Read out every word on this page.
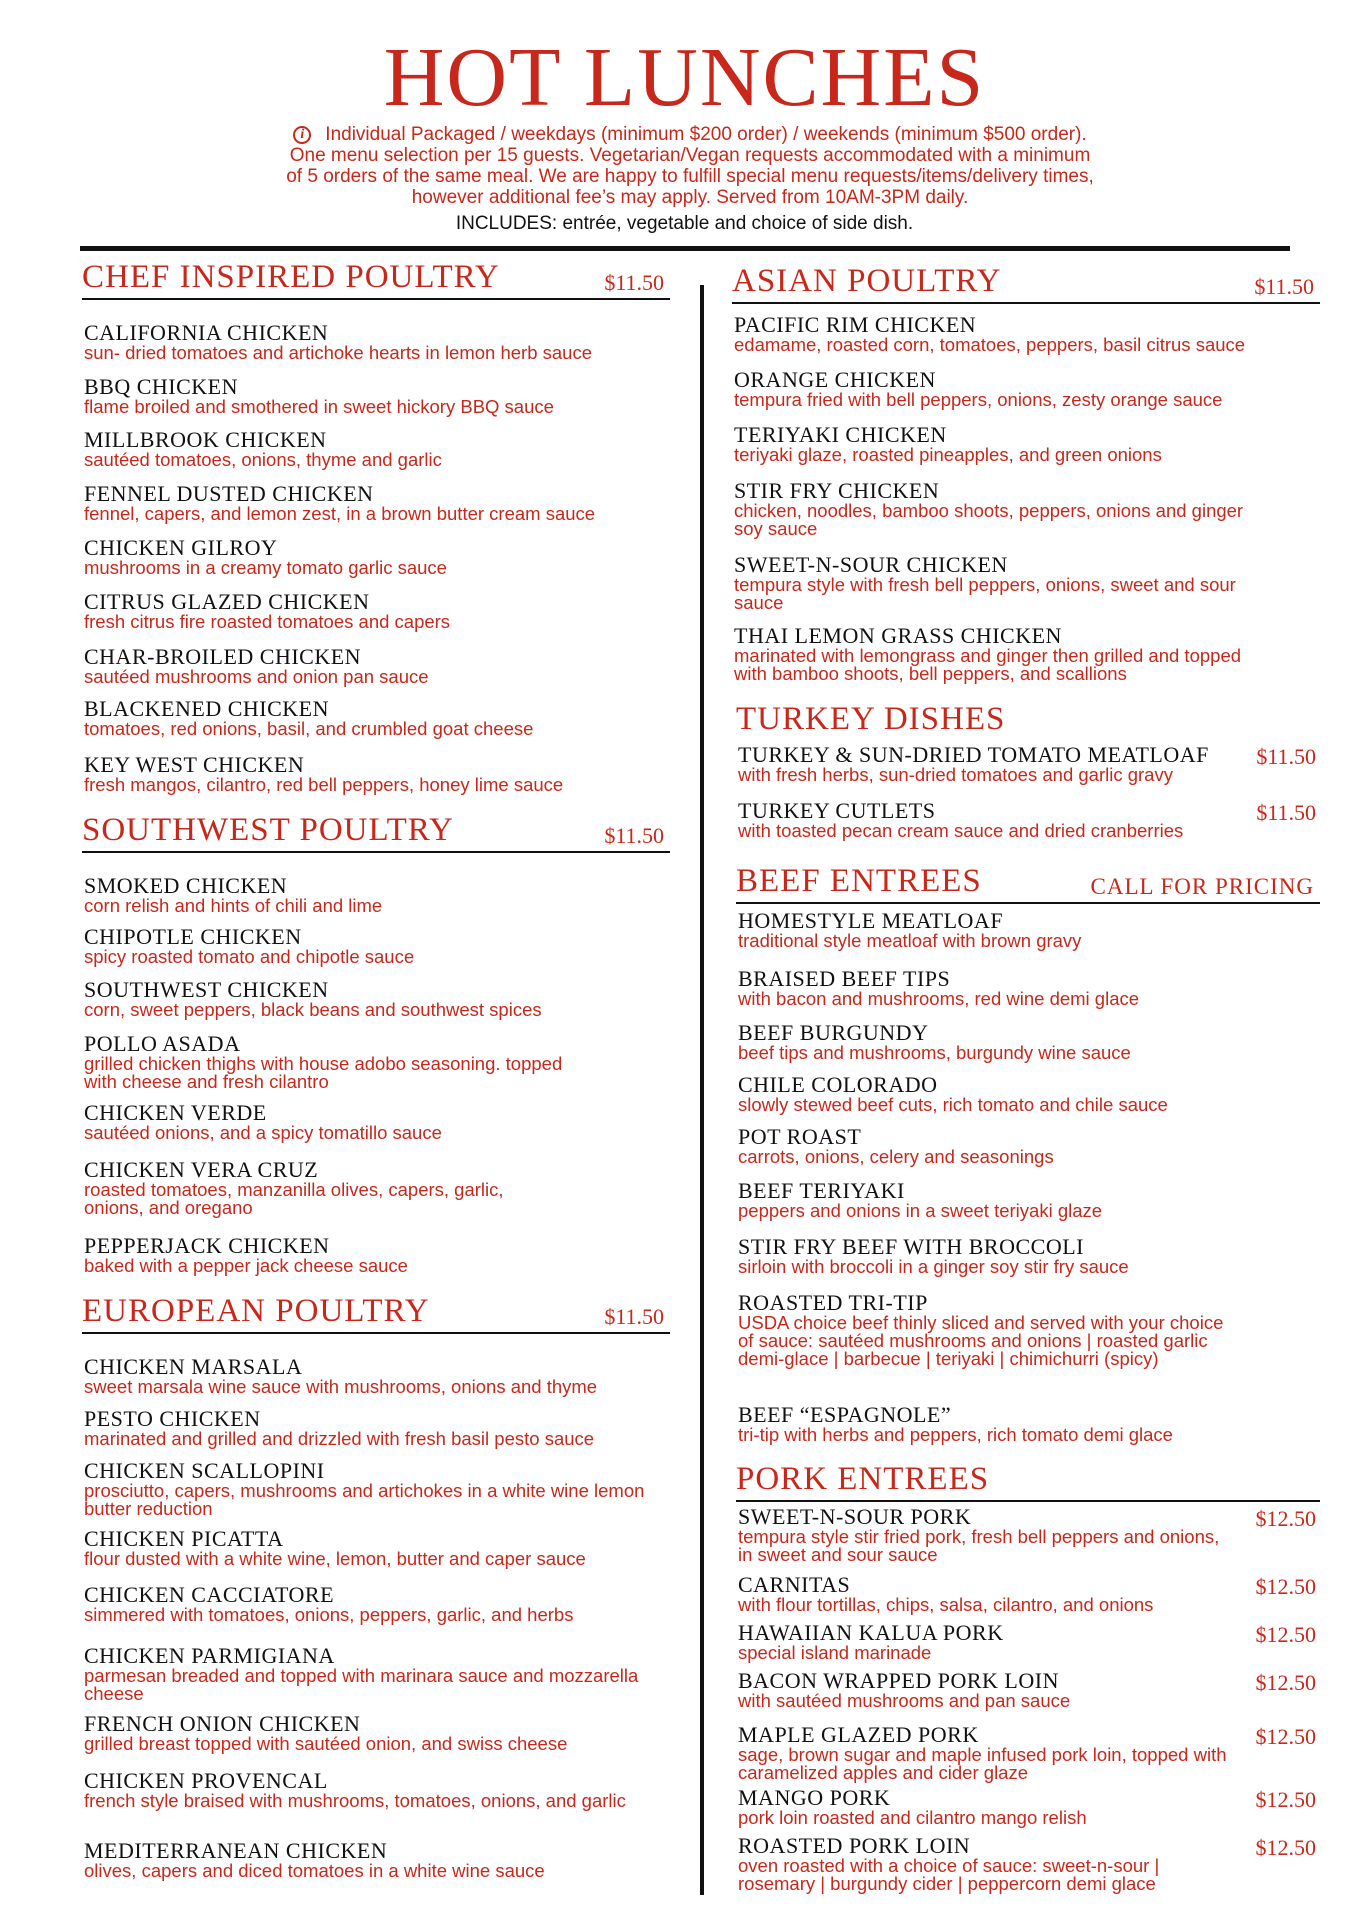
HOT LUNCHES
i Individual Packaged / weekdays (minimum $200 order) / weekends (minimum $500 order).
One menu selection per 15 guests. Vegetarian/Vegan requests accommodated with a minimum
of 5 orders of the same meal. We are happy to fulfill special menu requests/items/delivery times,
however additional fee’s may apply. Served from 10AM-3PM daily.
INCLUDES: entrée, vegetable and choice of side dish.
CHEF INSPIRED POULTRY	$11.50
CALIFORNIA CHICKEN
sun- dried tomatoes and artichoke hearts in lemon herb sauce
BBQ CHICKEN
flame broiled and smothered in sweet hickory BBQ sauce
MILLBROOK CHICKEN
sautéed tomatoes, onions, thyme and garlic
FENNEL DUSTED CHICKEN
fennel, capers, and lemon zest, in a brown butter cream sauce
CHICKEN GILROY
mushrooms in a creamy tomato garlic sauce
CITRUS GLAZED CHICKEN
fresh citrus fire roasted tomatoes and capers
CHAR-BROILED CHICKEN
sautéed mushrooms and onion pan sauce
BLACKENED CHICKEN
tomatoes, red onions, basil, and crumbled goat cheese
KEY WEST CHICKEN
fresh mangos, cilantro, red bell peppers, honey lime sauce
SOUTHWEST POULTRY	$11.50
SMOKED CHICKEN
corn relish and hints of chili and lime
CHIPOTLE CHICKEN
spicy roasted tomato and chipotle sauce
SOUTHWEST CHICKEN
corn, sweet peppers, black beans and southwest spices
POLLO ASADA
grilled chicken thighs with house adobo seasoning. topped with cheese and fresh cilantro
CHICKEN VERDE
sautéed onions, and a spicy tomatillo sauce
CHICKEN VERA CRUZ
roasted tomatoes, manzanilla olives, capers, garlic, onions, and oregano
PEPPERJACK CHICKEN
baked with a pepper jack cheese sauce
EUROPEAN POULTRY	$11.50
CHICKEN MARSALA
sweet marsala wine sauce with mushrooms, onions and thyme
PESTO CHICKEN
marinated and grilled and drizzled with fresh basil pesto sauce
CHICKEN SCALLOPINI
prosciutto, capers, mushrooms and artichokes in a white wine lemon butter reduction
CHICKEN PICATTA
flour dusted with a white wine, lemon, butter and caper sauce
CHICKEN CACCIATORE
simmered with tomatoes, onions, peppers, garlic, and herbs
CHICKEN PARMIGIANA
parmesan breaded and topped with marinara sauce and mozzarella cheese
FRENCH ONION CHICKEN
grilled breast topped with sautéed onion, and swiss cheese
CHICKEN PROVENCAL
french style braised with mushrooms, tomatoes, onions, and garlic
MEDITERRANEAN CHICKEN
olives, capers and diced tomatoes in a white wine sauce
ASIAN POULTRY	$11.50
PACIFIC RIM CHICKEN
edamame, roasted corn, tomatoes, peppers, basil citrus sauce
ORANGE CHICKEN
tempura fried with bell peppers, onions, zesty orange sauce
TERIYAKI CHICKEN
teriyaki glaze, roasted pineapples, and green onions
STIR FRY CHICKEN
chicken, noodles, bamboo shoots, peppers, onions and ginger soy sauce
SWEET-N-SOUR CHICKEN
tempura style with fresh bell peppers, onions, sweet and sour sauce
THAI LEMON GRASS CHICKEN
marinated with lemongrass and ginger then grilled and topped with bamboo shoots, bell peppers, and scallions
TURKEY DISHES
TURKEY & SUN-DRIED TOMATO MEATLOAF
with fresh herbs, sun-dried tomatoes and garlic gravy
$11.50
TURKEY CUTLETS
with toasted pecan cream sauce and dried cranberries
$11.50
BEEF ENTREES	CALL FOR PRICING
HOMESTYLE MEATLOAF
traditional style meatloaf with brown gravy
BRAISED BEEF TIPS
with bacon and mushrooms, red wine demi glace
BEEF BURGUNDY
beef tips and mushrooms, burgundy wine sauce
CHILE COLORADO
slowly stewed beef cuts, rich tomato and chile sauce
POT ROAST
carrots, onions, celery and seasonings
BEEF TERIYAKI
peppers and onions in a sweet teriyaki glaze
STIR FRY BEEF WITH BROCCOLI
sirloin with broccoli in a ginger soy stir fry sauce
ROASTED TRI-TIP
USDA choice beef thinly sliced and served with your choice of sauce: sautéed mushrooms and onions | roasted garlic demi-glace | barbecue | teriyaki | chimichurri (spicy)
BEEF “ESPAGNOLE”
tri-tip with herbs and peppers, rich tomato demi glace
PORK ENTREES
SWEET-N-SOUR PORK
tempura style stir fried pork, fresh bell peppers and onions, in sweet and sour sauce
$12.50
CARNITAS
with flour tortillas, chips, salsa, cilantro, and onions
$12.50
HAWAIIAN KALUA PORK
special island marinade
$12.50
BACON WRAPPED PORK LOIN
with sautéed mushrooms and pan sauce
$12.50
MAPLE GLAZED PORK
sage, brown sugar and maple infused pork loin, topped with caramelized apples and cider glaze
$12.50
MANGO PORK
pork loin roasted and cilantro mango relish
$12.50
ROASTED PORK LOIN
oven roasted with a choice of sauce: sweet-n-sour | rosemary | burgundy cider | peppercorn demi glace
$12.50
